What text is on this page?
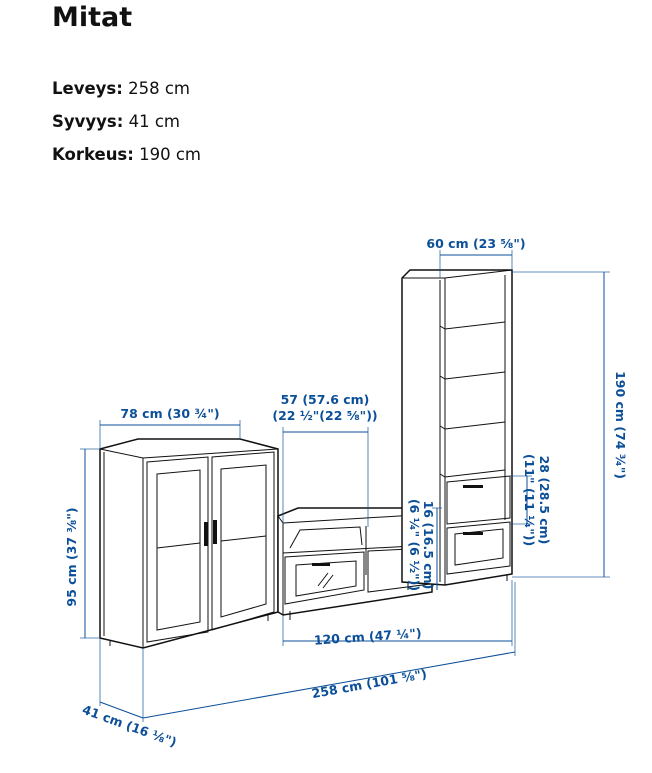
Mitat
Leveys: 258 cm
Syvyys: 41 cm
Korkeus: 190 cm
60 cm (23 ⅝")
190 cm (74 ¾")
78 cm (30 ¾")
57 (57.6 cm)
(22 ½"(22 ⅝"))
95 cm (37 ⅜")
28 (28.5 cm)
(11" (11 ¼"))
(6 ¼" (6 ½")) 16 (16.5 cm)
120 cm (47 ¼")
258 cm (101 ⅝")
41 cm (16 ⅛")
